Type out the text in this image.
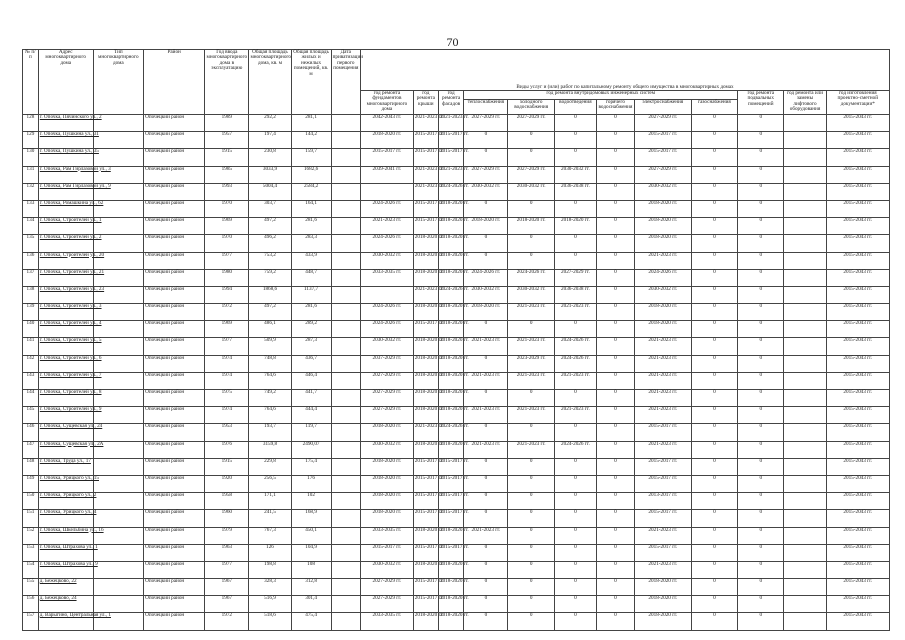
70
№ п/п	Адрес многоквартирного дома	Тип многоквартирного дома	Район	Год ввода многоквартирного дома в эксплуатацию	Общая площадь многоквартирного дома, кв. м	Общая площадь жилых и нежилых помещений, кв. м	Дата приватизации первого помещения	Виды услуг и (или) работ по капитальному ремонту общего имущества в многоквартирных домах											
								год ремонта фундаментов многоквартирного дома	год ремонта крыши	год ремонта фасадов	год ремонта внутридомовых инженерных систем						год ремонта подвальных помещений	год ремонта или замены лифтового оборудования	год изготовления проектно-сметной документации*
											теплоснабжения	холодного водоснабжения	водоотведения	горячего водоснабжения	электроснабжения	газоснабжения			
128	г. Опочка, Пячинского ул., 2		Опочецкий район	1989	292,2	281,1		2042-2043 гг.	2021-2023 гг.	2021-2023 гг.	2027-2029 гг.	2027-2029 гг.	0	0	2027-2029 гг.	0	0		2015-2043 гг.
129	г. Опочка, Пушкина ул., 31		Опочецкий район	1957	197,4	144,2		2018-2020 гг.	2015-2017 гг.	2015-2017 гг.	0	0	0	0	2015-2017 гг.	0	0		2015-2043 гг.
130	г. Опочка, Пушкина ул., 35		Опочецкий район	1915	230,8	159,7		2015-2017 гг.	2015-2017 гг.	2015-2017 гг.	0	0	0	0	2015-2017 гг.	0	0		2015-2043 гг.
131	г. Опочка, Рам Гирлазовой ул., 3		Опочецкий район	1985	3033,9	1682,6		2039-2041 гг.	2021-2023 гг.	2021-2023 гг.	2027-2029 гг.	2027-2029 гг.	2030-2032 гг.	0	2027-2029 гг.	0	0		2015-2043 гг.
132	г. Опочка, Рам Гирлазовой ул., 9		Опочецкий район	1993	5004,4	2584,2			2021-2023 гг.	2024-2026 гг.	2030-2032 гг.	2030-2032 гг.	2036-2038 гг.	0	2030-2032 гг.	0	0		2015-2043 гг.
133	г. Опочка, Ромашкина ул., 62		Опочецкий район	1970	303,7	164,1		2024-2026 гг.	2015-2017 гг.	2018-2020 гг.	0	0	0	0	2018-2020 гг.	0	0		2015-2043 гг.
134	г. Опочка, Строителей ул., 1		Опочецкий район	1969	497,2	281,6		2021-2023 гг.	2015-2017 гг.	2018-2020 гг.	2018-2020 гг.	2018-2020 гг.	2018-2020 гг.	0	2018-2020 гг.	0	0		2015-2043 гг.
135	г. Опочка, Строителей ул., 2		Опочецкий район	1970	496,2	283,3		2024-2026 гг.	2018-2020 гг.	2018-2020 гг.	0	0	0	0	2018-2020 гг.	0	0		2015-2043 гг.
136	г. Опочка, Строителей ул., 20		Опочецкий район	1977	753,2	433,9		2030-2032 гг.	2018-2020 гг.	2018-2020 гг.	0	0	0	0	2021-2023 гг.	0	0		2015-2043 гг.
137	г. Опочка, Строителей ул., 21		Опочецкий район	1980	759,2	448,7		2033-2035 гг.	2018-2020 гг.	2018-2020 гг.	2024-2026 гг.	2024-2026 гг.	2027-2029 гг.	0	2024-2026 гг.	0	0		2015-2043 гг.
138	г. Опочка, Строителей ул., 23		Опочецкий район	1994	1868,6	1137,7			2021-2023 гг.	2024-2026 гг.	2030-2032 гг.	2030-2032 гг.	2036-2038 гг.	0	2030-2032 гг.	0	0		2015-2043 гг.
139	г. Опочка, Строителей ул., 3		Опочецкий район	1972	497,2	281,6		2024-2026 гг.	2018-2020 гг.	2018-2020 гг.	2018-2020 гг.	2021-2023 гг.	2021-2023 гг.	0	2018-2020 гг.	0	0		2015-2043 гг.
140	г. Опочка, Строителей ул., 4		Опочецкий район	1969	486,1	289,2		2024-2026 гг.	2015-2017 гг.	2018-2020 гг.	0	0	0	0	2018-2020 гг.	0	0		2015-2043 гг.
141	г. Опочка, Строителей ул., 5		Опочецкий район	1977	509,9	287,3		2030-2032 гг.	2018-2020 гг.	2018-2020 гг.	2021-2023 гг.	2021-2023 гг.	2024-2026 гг.	0	2021-2023 гг.	0	0		2015-2043 гг.
142	г. Опочка, Строителей ул., 6		Опочецкий район	1974	748,8	436,7		2037-2029 гг.	2018-2020 гг.	2018-2020 гг.	0	2023-2029 гг.	2024-2026 гг.	0	2021-2023 гг.	0	0		2015-2043 гг.
143	г. Опочка, Строителей ул., 7		Опочецкий район	1974	764,6	446,4		2027-2029 гг.	2018-2020 гг.	2018-2020 гг.	2021-2023 гг.	2021-2023 гг.	2021-2023 гг.	0	2021-2023 гг.	0	0		2015-2043 гг.
144	г. Опочка, Строителей ул., 8		Опочецкий район	1975	749,2	441,7		2027-2029 гг.	2018-2020 гг.	2018-2020 гг.	0	0	0	0	2021-2023 гг.	0	0		2015-2043 гг.
145	г. Опочка, Строителей ул., 9		Опочецкий район	1974	764,6	444,4		2027-2029 гг.	2018-2020 гг.	2018-2020 гг.	2021-2023 гг.	2021-2023 гг.	2021-2023 гг.	0	2021-2023 гг.	0	0		2015-2043 гг.
146	г. Опочка, Сущевская ул., 24		Опочецкий район	1953	193,7	119,7		2018-2020 гг.	2021-2023 гг.	2024-2026 гг.	0	0	0	0	2015-2017 гг.	0	0		2015-2043 гг.
147	г. Опочка, Сущевская ул., 2А		Опочецкий район	1976	3159,8	2490,07		2030-2032 гг.	2018-2020 гг.	2018-2020 гг.	2021-2023 гг.	2021-2023 гг.	2024-2026 гг.	0	2021-2023 гг.	0	0		2015-2043 гг.
148	г. Опочка, Труда ул., 17		Опочецкий район	1915	229,8	175,4		2018-2020 гг.	2015-2017 гг.	2015-2017 гг.	0	0	0	0	2015-2017 гг.	0	0		2015-2043 гг.
149	г. Опочка, Урицкого ул., 15		Опочецкий район	1920	256,5	176		2018-2020 гг.	2015-2017 гг.	2015-2017 гг.	0	0	0	0	2015-2017 гг.	0	0		2015-2043 гг.
150	г. Опочка, Урицкого ул., 2		Опочецкий район	1958	171,1	102		2018-2020 гг.	2015-2017 гг.	2015-2017 гг.	0	0	0	0	2013-2017 гг.	0	0		2015-2043 гг.
151	г. Опочка, Урицкого ул., 4		Опочецкий район	1960	241,5	168,9		2018-2020 гг.	2015-2017 гг.	2015-2017 гг.	0	0	0	0	2015-2017 гг.	0	0		2015-2043 гг.
152	г. Опочка, Шкельбина ул., 16		Опочецкий район	1979	767,3	450,1		2033-2035 гг.	2018-2020 гг.	2018-2020 гг.	2021-2023 гг.	0	0	0	2021-2023 гг.	0	0		2015-2043 гг.
153	г. Опочка, Штрахова ул., 1		Опочецкий район	1963	126	104,9		2015-2017 гг.	2015-2017 гг.	2015-2017 гг.	0	0	0	0	2015-2017 гг.	0	0		2015-2043 гг.
154	г. Опочка, Штрахова ул., 9		Опочецкий район	1977	198,8	108		2030-2032 гг.	2018-2020 гг.	2018-2020 гг.	0	0	0	0	2021-2023 гг.	0	0		2015-2043 гг.
155	д. Бежецково, 22		Опочецкий район	1967	328,3	312,8		2027-2029 гг.	2015-2017 гг.	2018-2020 гг.	0	0	0	0	2018-2020 гг.	0	0		2015-2043 гг.
156	д. Бежецково, 24		Опочецкий район	1967	516,9	301,4		2027-2029 гг.	2015-2017 гг.	2018-2020 гг.	0	0	0	0	2018-2020 гг.	0	0		2015-2043 гг.
157	д. Варыгино, Центральная ул., 1		Опочецкий район	1972	518,6	475,4		2033-2035 гг.	2018-2020 гг.	2018-2020 гг.	0	0	0	0	2018-2020 гг.	0	0		2015-2043 гг.
